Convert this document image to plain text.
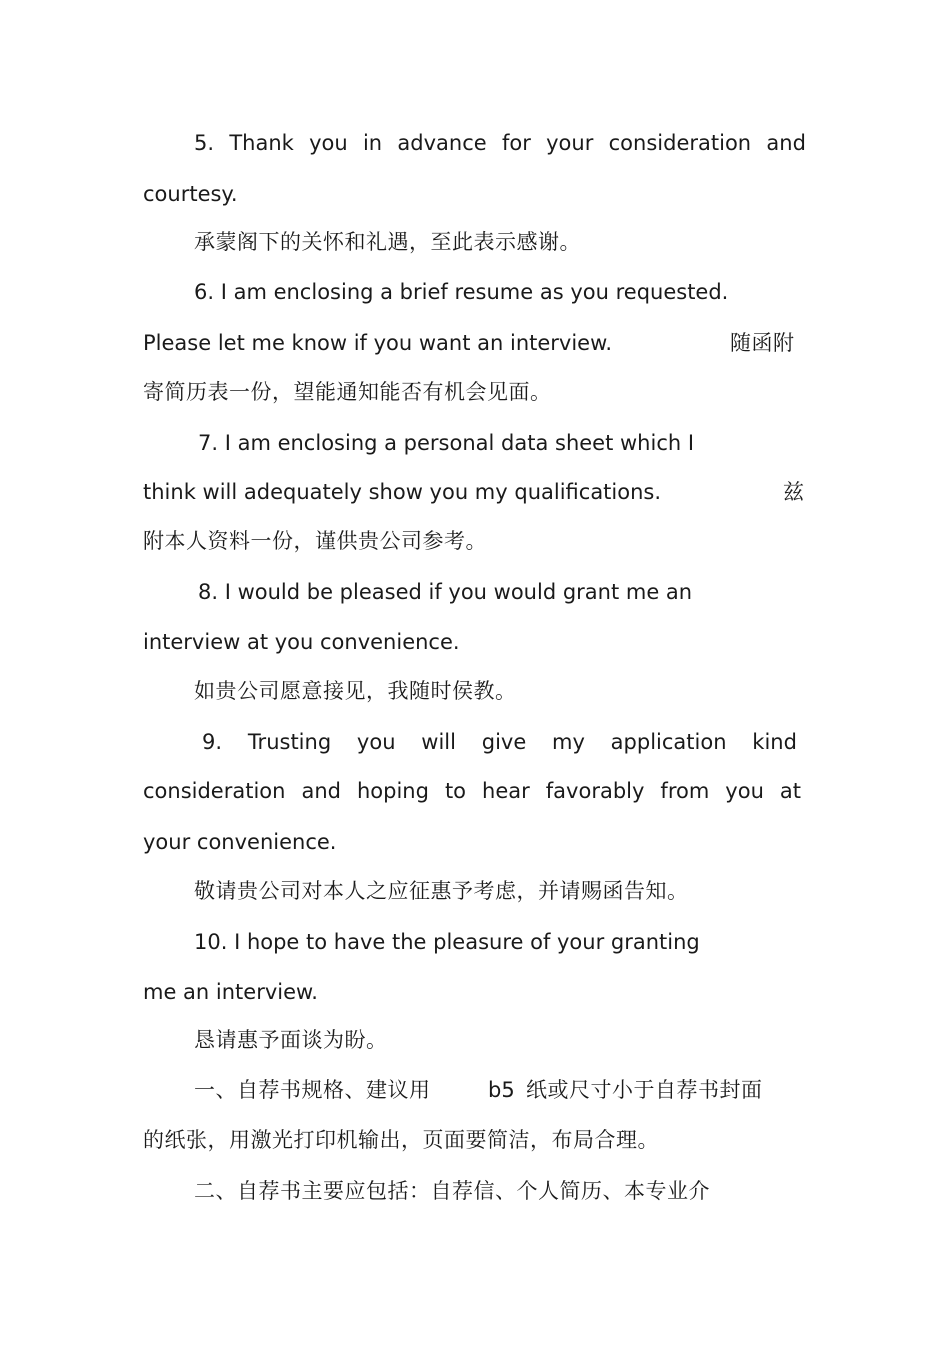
5. Thank you in advance for your consideration and
courtesy.
承蒙阁下的关怀和礼遇，至此表示感谢。
6. I am enclosing a brief resume as you requested.
Please let me know if you want an interview.	随函附
寄简历表一份，望能通知能否有机会见面。
7. I am enclosing a personal data sheet which I
think will adequately show you my qualifications.	兹
附本人资料一份，谨供贵公司参考。
8. I would be pleased if you would grant me an
interview at you convenience.
如贵公司愿意接见，我随时侯教。
9. Trusting you will give my application kind
consideration and hoping to hear favorably from you at
your convenience.
敬请贵公司对本人之应征惠予考虑，并请赐函告知。
10. I hope to have the pleasure of your granting
me an interview.
恳请惠予面谈为盼。
一、自荐书规格、建议用	b5 纸或尺寸小于自荐书封面
的纸张，用激光打印机输出，页面要简洁，布局合理。
二、自荐书主要应包括：自荐信、个人简历、本专业介
